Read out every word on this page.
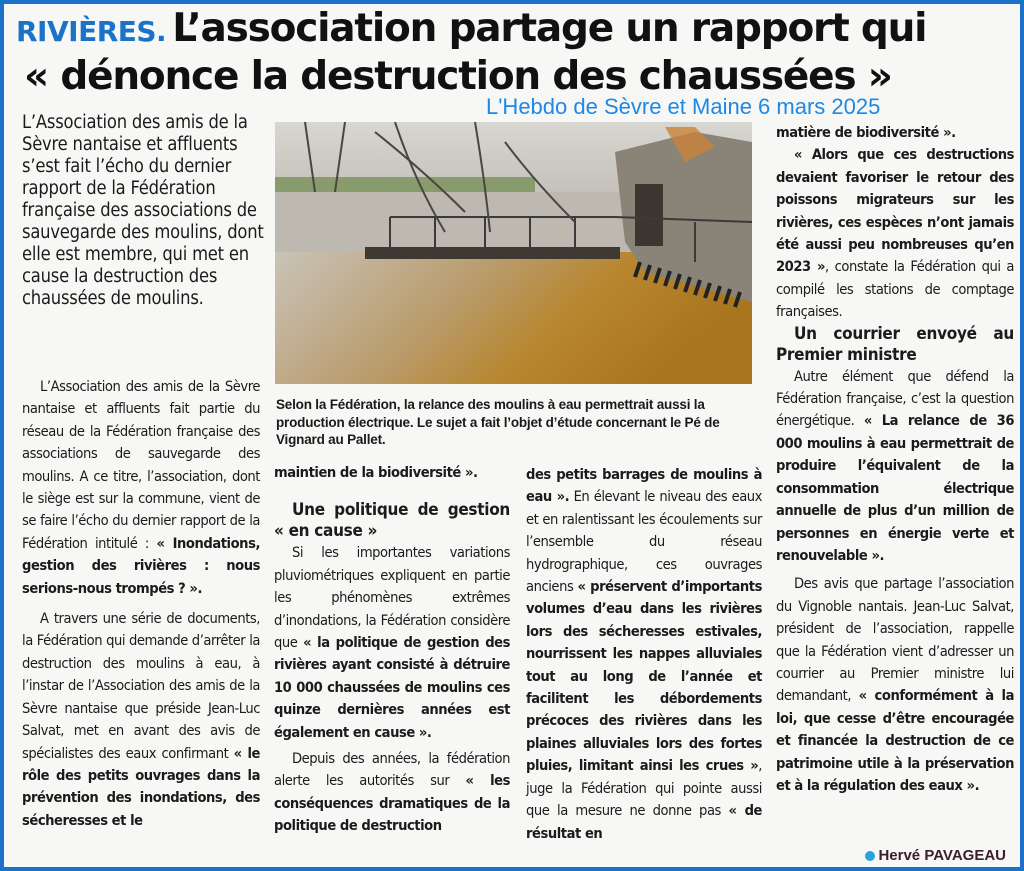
RIVIÈRES. L’association partage un rapport qui
« dénonce la destruction des chaussées »
L'Hebdo de Sèvre et Maine 6 mars 2025

L’Association des amis de la Sèvre nantaise et affluents s’est fait l’écho du dernier rapport de la Fédération française des associations de sauvegarde des moulins, dont elle est membre, qui met en cause la destruction des chaussées de moulins.

Selon la Fédération, la relance des moulins à eau permettrait aussi la production électrique. Le sujet a fait l’objet d’étude concernant le Pé de Vignard au Pallet.

L’Association des amis de la Sèvre nantaise et affluents fait partie du réseau de la Fédération française des associations de sauvegarde des moulins. A ce titre, l’association, dont le siège est sur la commune, vient de se faire l’écho du dernier rapport de la Fédération intitulé : « Inondations, gestion des rivières : nous serions-nous trompés ? ».

A travers une série de documents, la Fédération qui demande d’arrêter la destruction des moulins à eau, à l’instar de l’Association des amis de la Sèvre nantaise que préside Jean-Luc Salvat, met en avant des avis de spécialistes des eaux confirmant « le rôle des petits ouvrages dans la prévention des inondations, des sécheresses et le

maintien de la biodiversité ».

Une politique de gestion « en cause »

Si les importantes variations pluviométriques expliquent en partie les phénomènes extrêmes d’inondations, la Fédération considère que « la politique de gestion des rivières ayant consisté à détruire 10 000 chaussées de moulins ces quinze dernières années est également en cause ».

Depuis des années, la fédération alerte les autorités sur « les conséquences dramatiques de la politique de destruction

des petits barrages de moulins à eau ». En élevant le niveau des eaux et en ralentissant les écoulements sur l’ensemble du réseau hydrographique, ces ouvrages anciens « préservent d’importants volumes d’eau dans les rivières lors des sécheresses estivales, nourrissent les nappes alluviales tout au long de l’année et facilitent les débordements précoces des rivières dans les plaines alluviales lors des fortes pluies, limitant ainsi les crues », juge la Fédération qui pointe aussi que la mesure ne donne pas « de résultat en

matière de biodiversité ».

« Alors que ces destructions devaient favoriser le retour des poissons migrateurs sur les rivières, ces espèces n’ont jamais été aussi peu nombreuses qu’en 2023 », constate la Fédération qui a compilé les stations de comptage françaises.

Un courrier envoyé au Premier ministre

Autre élément que défend la Fédération française, c’est la question énergétique. « La relance de 36 000 moulins à eau permettrait de produire l’équivalent de la consommation électrique annuelle de plus d’un million de personnes en énergie verte et renouvelable ».

Des avis que partage l’association du Vignoble nantais. Jean-Luc Salvat, président de l’association, rappelle que la Fédération vient d’adresser un courrier au Premier ministre lui demandant, « conformément à la loi, que cesse d’être encouragée et financée la destruction de ce patrimoine utile à la préservation et à la régulation des eaux ».

Hervé PAVAGEAU
